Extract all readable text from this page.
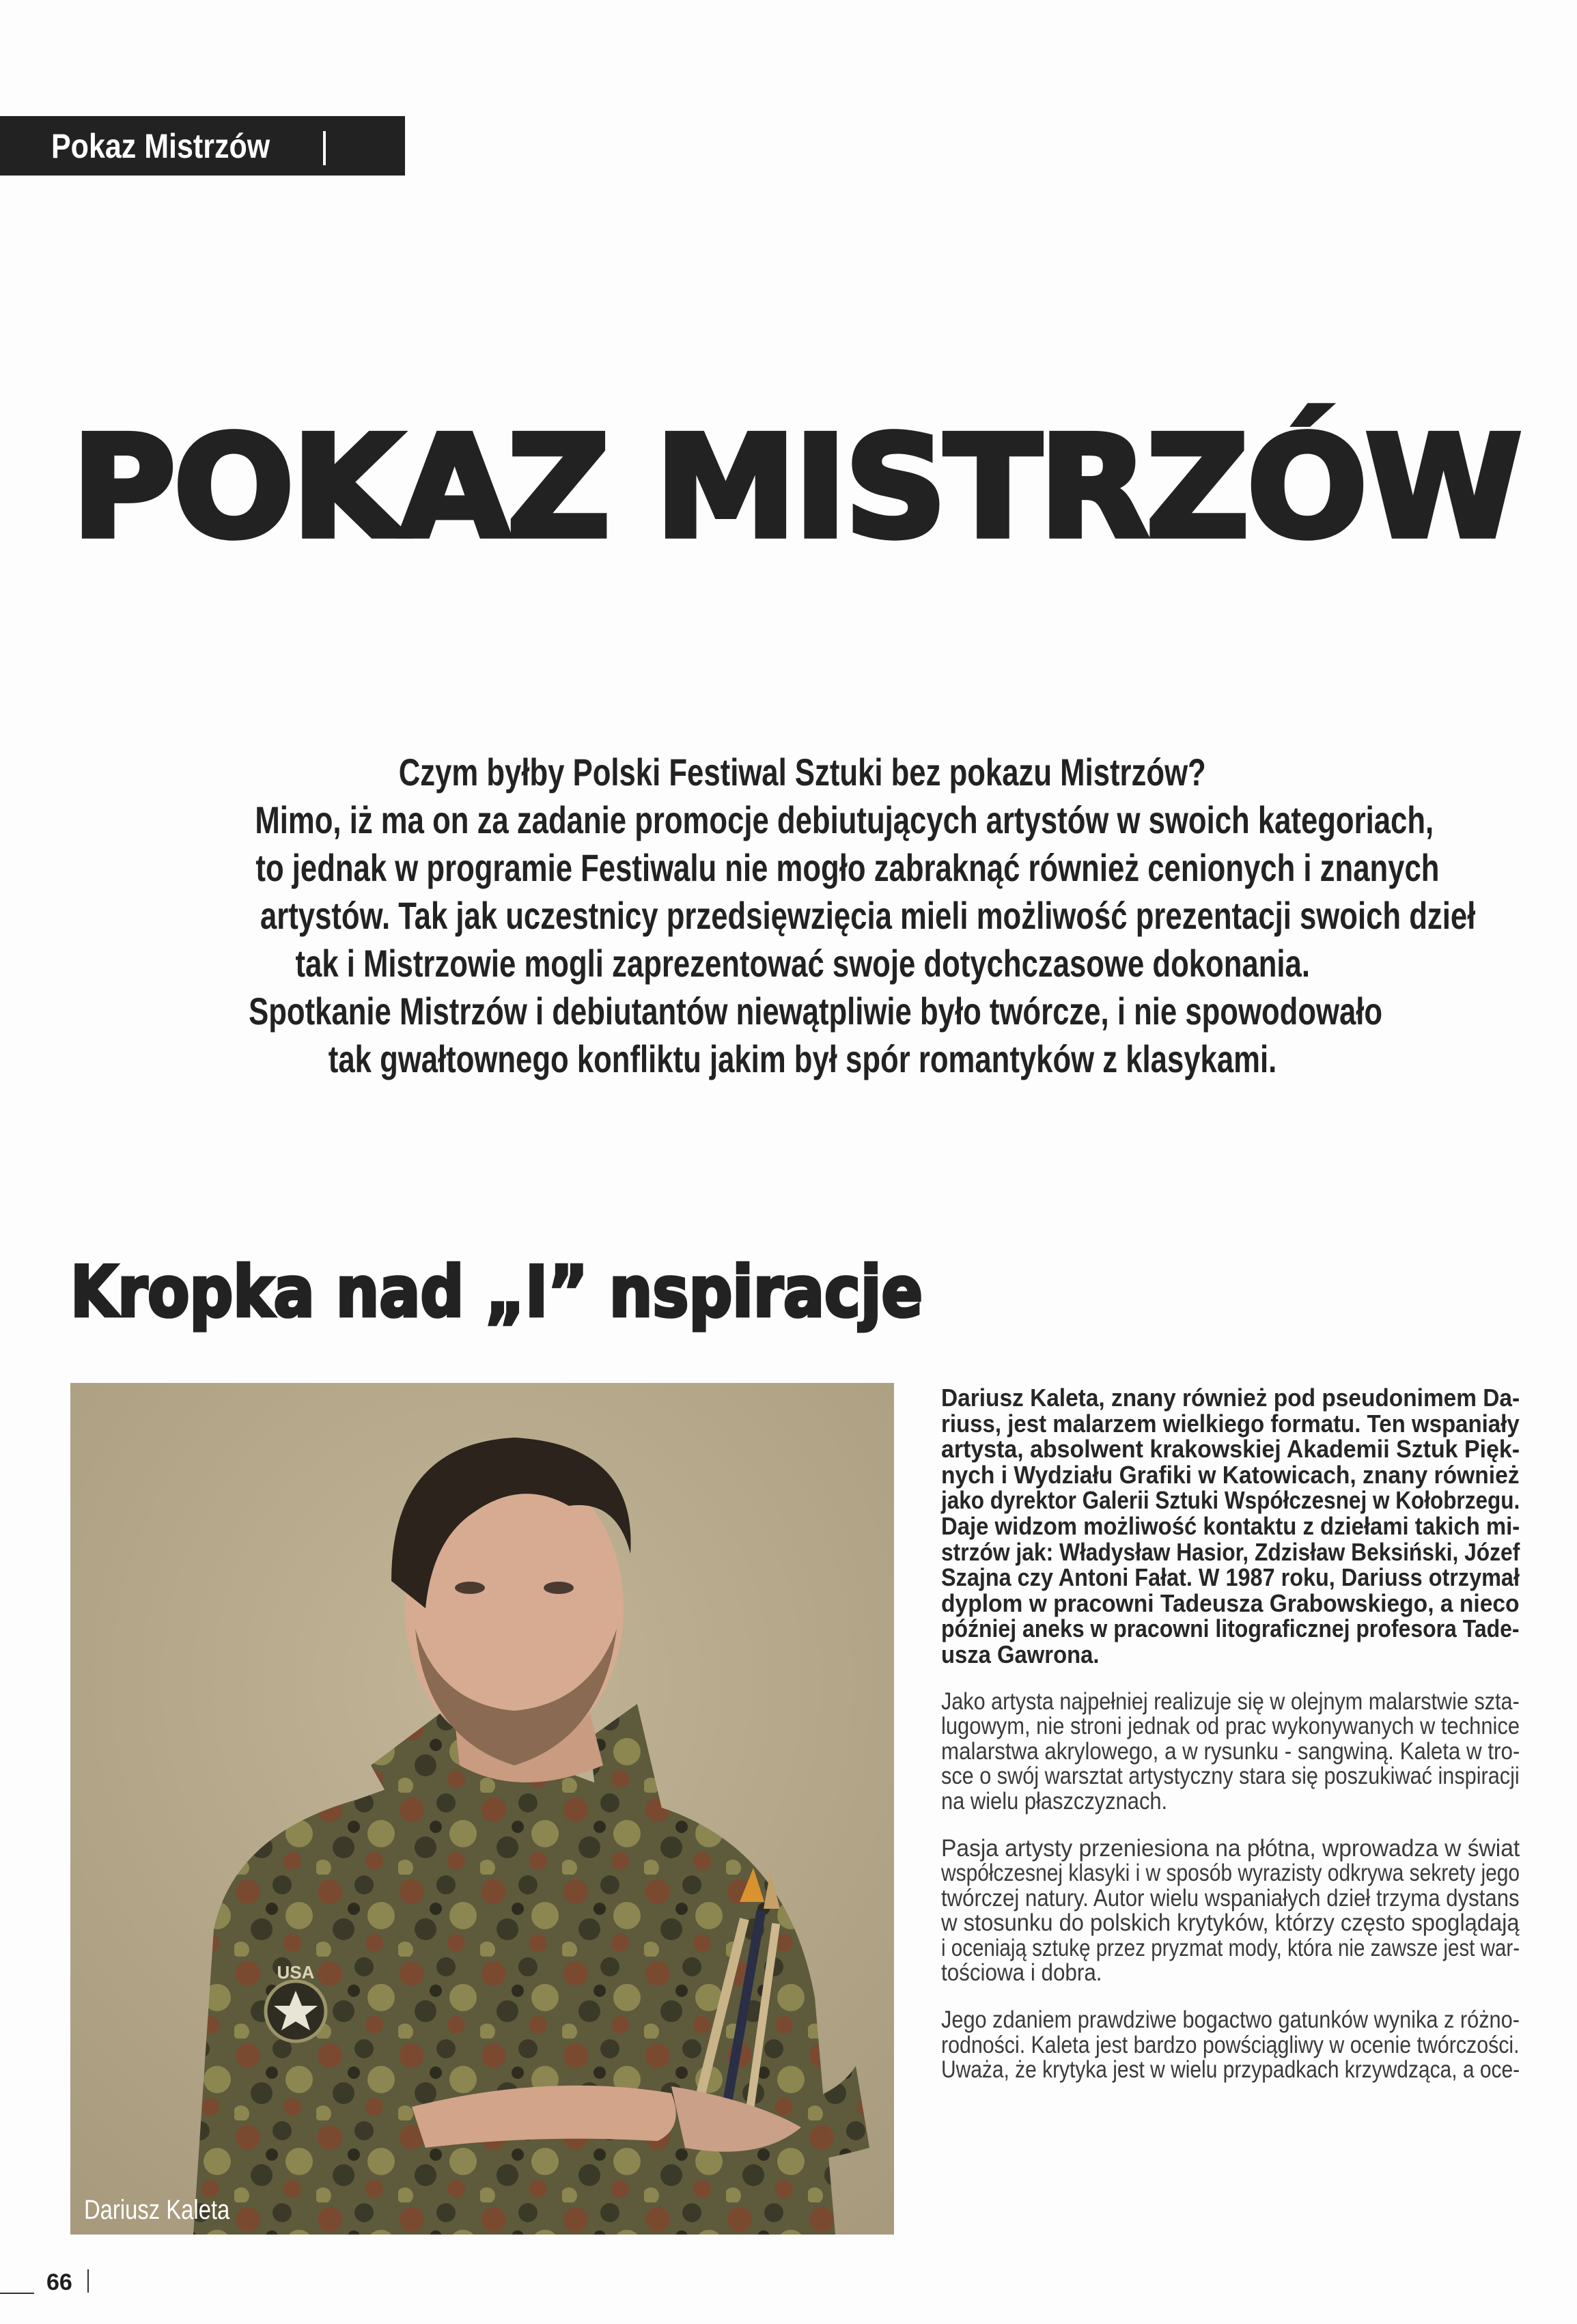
Pokaz Mistrzów
POKAZ MISTRZÓW
Czym byłby Polski Festiwal Sztuki bez pokazu Mistrzów?
Mimo, iż ma on za zadanie promocje debiutujących artystów w swoich kategoriach,
to jednak w programie Festiwalu nie mogło zabraknąć również cenionych i znanych
artystów. Tak jak uczestnicy przedsięwzięcia mieli możliwość prezentacji swoich dzieł
tak i Mistrzowie mogli zaprezentować swoje dotychczasowe dokonania.
Spotkanie Mistrzów i debiutantów niewątpliwie było twórcze, i nie spowodowało
tak gwałtownego konfliktu jakim był spór romantyków z klasykami.
Kropka nad „I” nspiracje
USA
Dariusz Kaleta
Dariusz Kaleta, znany również pod pseudonimem Da-
riuss, jest malarzem wielkiego formatu. Ten wspaniały
artysta, absolwent krakowskiej Akademii Sztuk Pięk-
nych i Wydziału Grafiki w Katowicach, znany również
jako dyrektor Galerii Sztuki Współczesnej w Kołobrzegu.
Daje widzom możliwość kontaktu z dziełami takich mi-
strzów jak: Władysław Hasior, Zdzisław Beksiński, Józef
Szajna czy Antoni Fałat. W 1987 roku, Dariuss otrzymał
dyplom w pracowni Tadeusza Grabowskiego, a nieco
później aneks w pracowni litograficznej profesora Tade-
usza Gawrona.
Jako artysta najpełniej realizuje się w olejnym malarstwie szta-
lugowym, nie stroni jednak od prac wykonywanych w technice
malarstwa akrylowego, a w rysunku - sangwiną. Kaleta w tro-
sce o swój warsztat artystyczny stara się poszukiwać inspiracji
na wielu płaszczyznach.
Pasja artysty przeniesiona na płótna, wprowadza w świat
współczesnej klasyki i w sposób wyrazisty odkrywa sekrety jego
twórczej natury. Autor wielu wspaniałych dzieł trzyma dystans
w stosunku do polskich krytyków, którzy często spoglądają
i oceniają sztukę przez pryzmat mody, która nie zawsze jest war-
tościowa i dobra.
Jego zdaniem prawdziwe bogactwo gatunków wynika z różno-
rodności. Kaleta jest bardzo powściągliwy w ocenie twórczości.
Uważa, że krytyka jest w wielu przypadkach krzywdząca, a oce-
66
